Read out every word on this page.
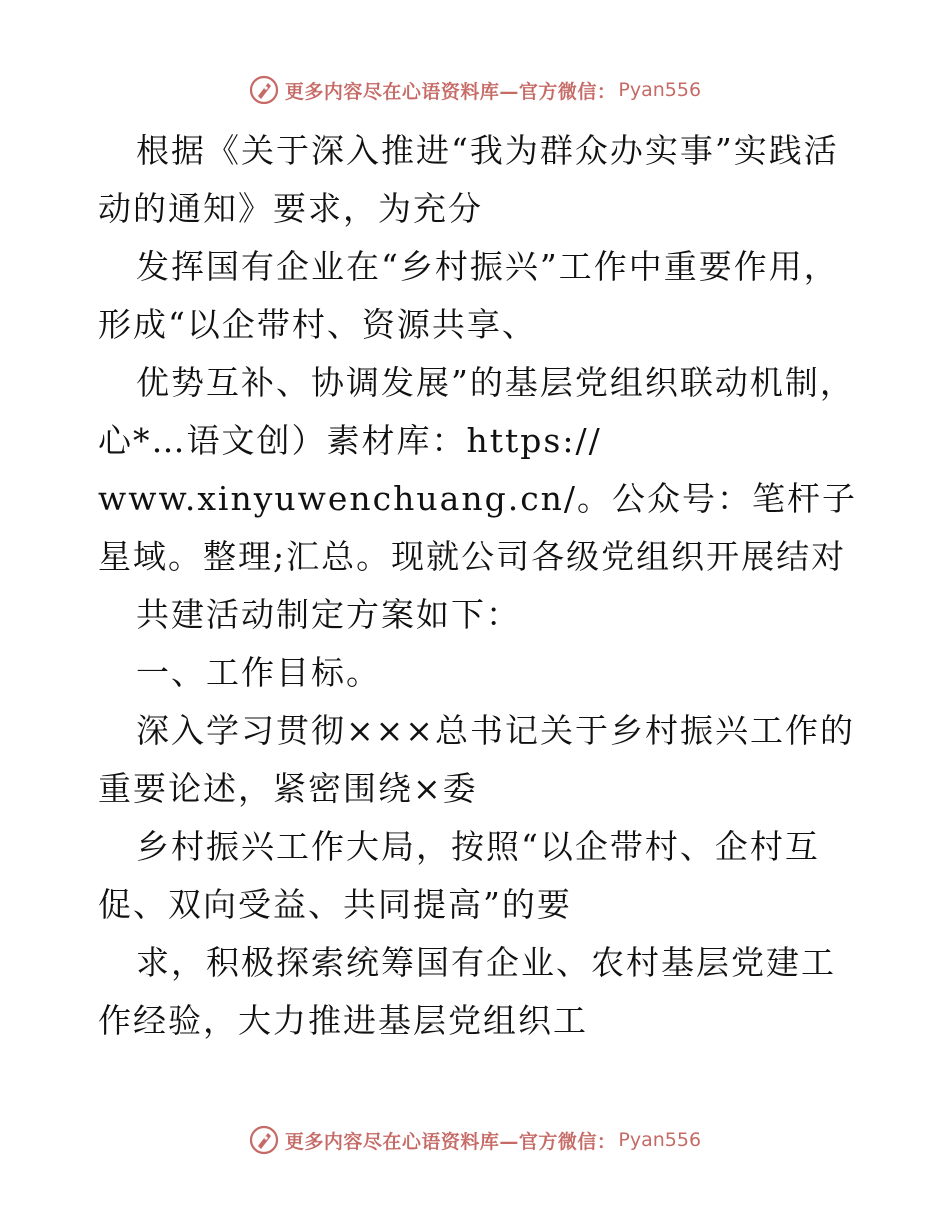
更多内容尽在心语资料库—官方微信： Pyan556

根据《关于深入推进“我为群众办实事”实践活动的通知》要求，为充分

发挥国有企业在“乡村振兴”工作中重要作用，形成“以企带村、资源共享、

优势互补、协调发展”的基层党组织联动机制，

心*…语文创）素材库：https://

www.xinyuwenchuang.cn/。公众号：笔杆子星域。整理;汇总。现就公司各级党组织开展结对

共建活动制定方案如下：

一、工作目标。

深入学习贯彻×××总书记关于乡村振兴工作的重要论述，紧密围绕×委

乡村振兴工作大局，按照“以企带村、企村互促、双向受益、共同提高”的要

求，积极探索统筹国有企业、农村基层党建工作经验，大力推进基层党组织工

更多内容尽在心语资料库—官方微信： Pyan556
